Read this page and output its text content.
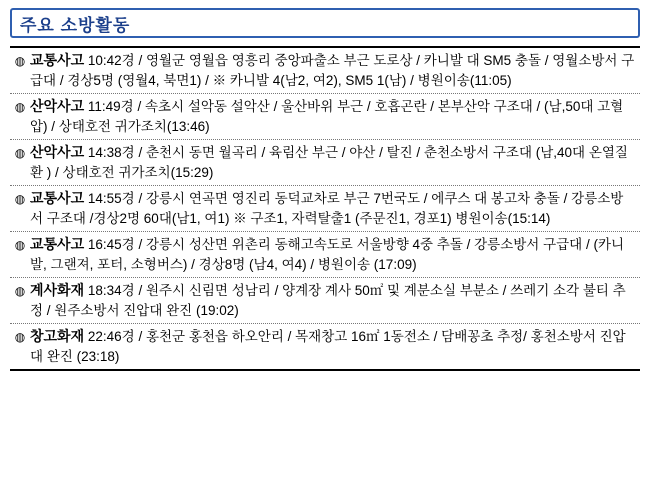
주요 소방활동
◍ 교통사고 10:42경 / 영월군 영월읍 영흥리 중앙파출소 부근 도로상 / 카니발 대 SM5 충돌 / 영월소방서 구급대 / 경상5명 (영월4, 북면1) / ※ 카니발 4(남2, 여2), SM5 1(남) / 병원이송(11:05)
◍ 산악사고 11:49경 / 속초시 설악동 설악산 / 울산바위 부근 / 호흡곤란 / 본부산악 구조대 / (남,50대 고혈압) / 상태호전 귀가조치(13:46)
◍ 산악사고 14:38경 / 춘천시 동면 월곡리 / 육림산 부근 / 야산 / 탈진 / 춘천소방서 구조대 (남,40대 온열질환 ) / 상태호전 귀가조치(15:29)
◍ 교통사고 14:55경 / 강릉시 연곡면 영진리 동덕교차로 부근 7번국도 / 에쿠스 대 봉고차 충돌 / 강릉소방서 구조대 /경상2명 60대(남1, 여1) ※ 구조1, 자력탈출1 (주문진1, 경포1) 병원이송(15:14)
◍ 교통사고 16:45경 / 강릉시 성산면 위촌리 동해고속도로 서울방향 4중 추돌 / 강릉소방서 구급대 / (카니발, 그랜져, 포터, 소형버스) / 경상8명 (남4, 여4) / 병원이송 (17:09)
◍ 계사화재 18:34경 / 원주시 신림면 성남리 / 양계장 계사 50㎡ 및 계분소실 부분소 / 쓰레기 소각 불티 추정 / 원주소방서 진압대 완진 (19:02)
◍ 창고화재 22:46경 / 홍천군 홍천읍 하오안리 / 목재창고 16㎡ 1동전소 / 담배꽁초 추정/ 홍천소방서 진압대 완진 (23:18)
